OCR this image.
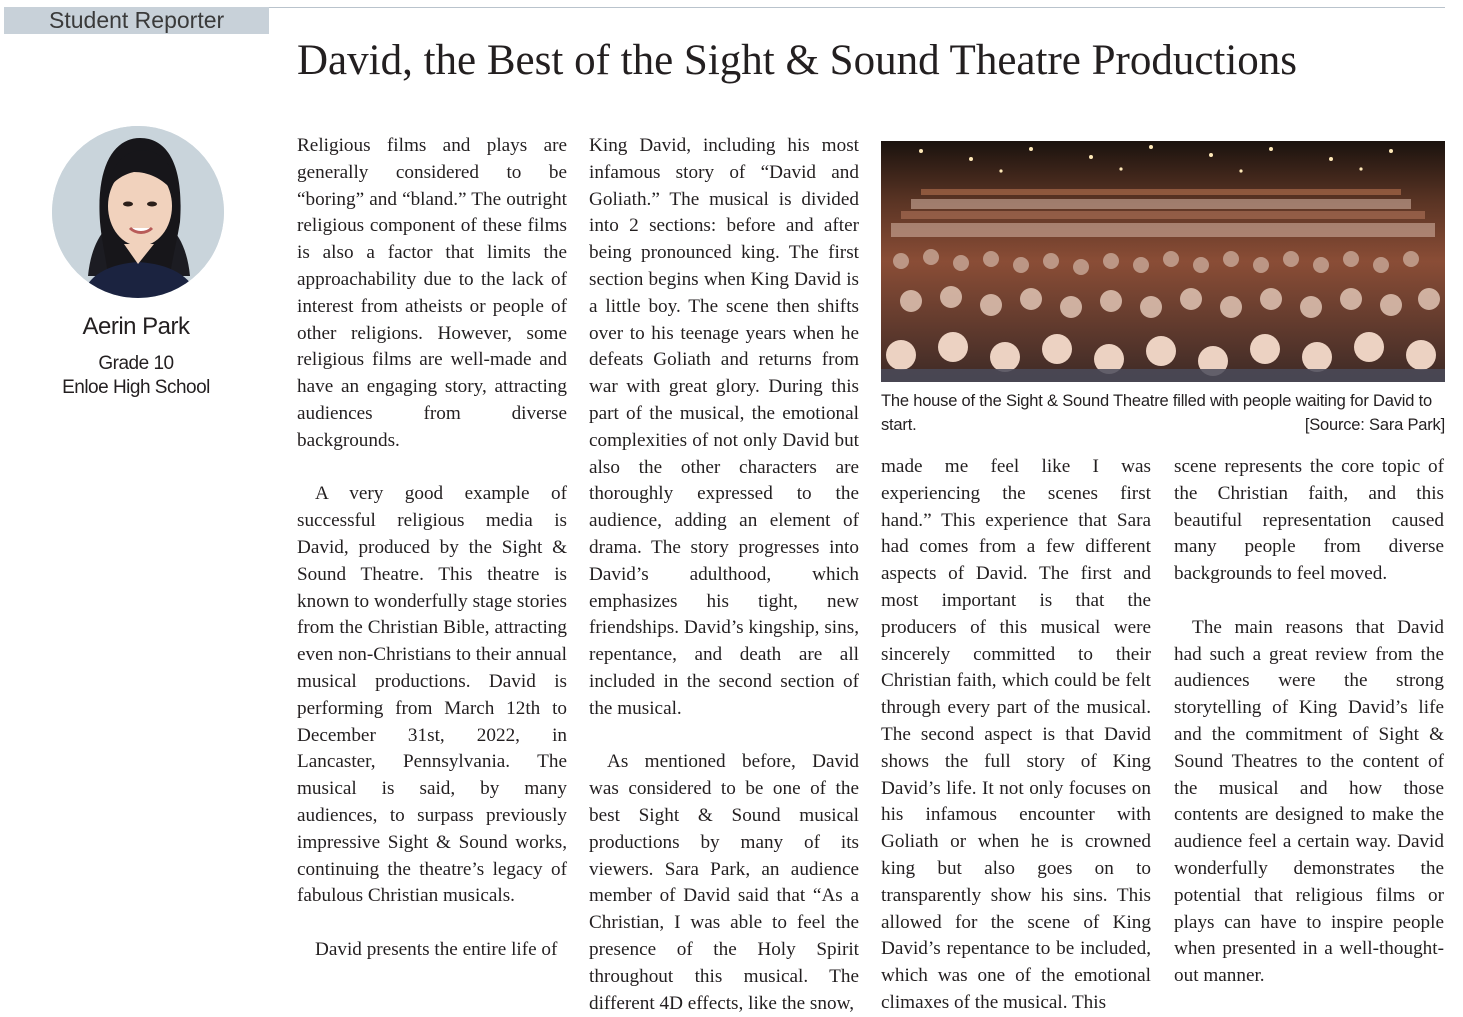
Student Reporter
David, the Best of the Sight & Sound Theatre Productions
Aerin Park
Grade 10
Enloe High School

Religious films and plays are generally considered to be “boring” and “bland.” The outright religious component of these films is also a factor that limits the approachability due to the lack of interest from atheists or people of other religions. However, some religious films are well-made and have an engaging story, attracting audiences from diverse backgrounds.

A very good example of successful religious media is David, produced by the Sight & Sound Theatre. This theatre is known to wonderfully stage stories from the Christian Bible, attracting even non-Christians to their annual musical productions. David is performing from March 12th to December 31st, 2022, in Lancaster, Pennsylvania. The musical is said, by many audiences, to surpass previously impressive Sight & Sound works, continuing the theatre’s legacy of fabulous Christian musicals.

David presents the entire life of

King David, including his most infamous story of “David and Goliath.” The musical is divided into 2 sections: before and after being pronounced king. The first section begins when King David is a little boy. The scene then shifts over to his teenage years when he defeats Goliath and returns from war with great glory. During this part of the musical, the emotional complexities of not only David but also the other characters are thoroughly expressed to the audience, adding an element of drama. The story progresses into David’s adulthood, which emphasizes his tight, new friendships. David’s kingship, sins, repentance, and death are all included in the second section of the musical.

As mentioned before, David was considered to be one of the best Sight & Sound musical productions by many of its viewers. Sara Park, an audience member of David said that “As a Christian, I was able to feel the presence of the Holy Spirit throughout this musical. The different 4D effects, like the snow,

The house of the Sight & Sound Theatre filled with people waiting for David to start.	[Source: Sara Park]

made me feel like I was experiencing the scenes first hand.” This experience that Sara had comes from a few different aspects of David. The first and most important is that the producers of this musical were sincerely committed to their Christian faith, which could be felt through every part of the musical. The second aspect is that David shows the full story of King David’s life. It not only focuses on his infamous encounter with Goliath or when he is crowned king but also goes on to transparently show his sins. This allowed for the scene of King David’s repentance to be included, which was one of the emotional climaxes of the musical. This

scene represents the core topic of the Christian faith, and this beautiful representation caused many people from diverse backgrounds to feel moved.

The main reasons that David had such a great review from the audiences were the strong storytelling of King David’s life and the commitment of Sight & Sound Theatres to the content of the musical and how those contents are designed to make the audience feel a certain way. David wonderfully demonstrates the potential that religious films or plays can have to inspire people when presented in a well-thought-out manner.
